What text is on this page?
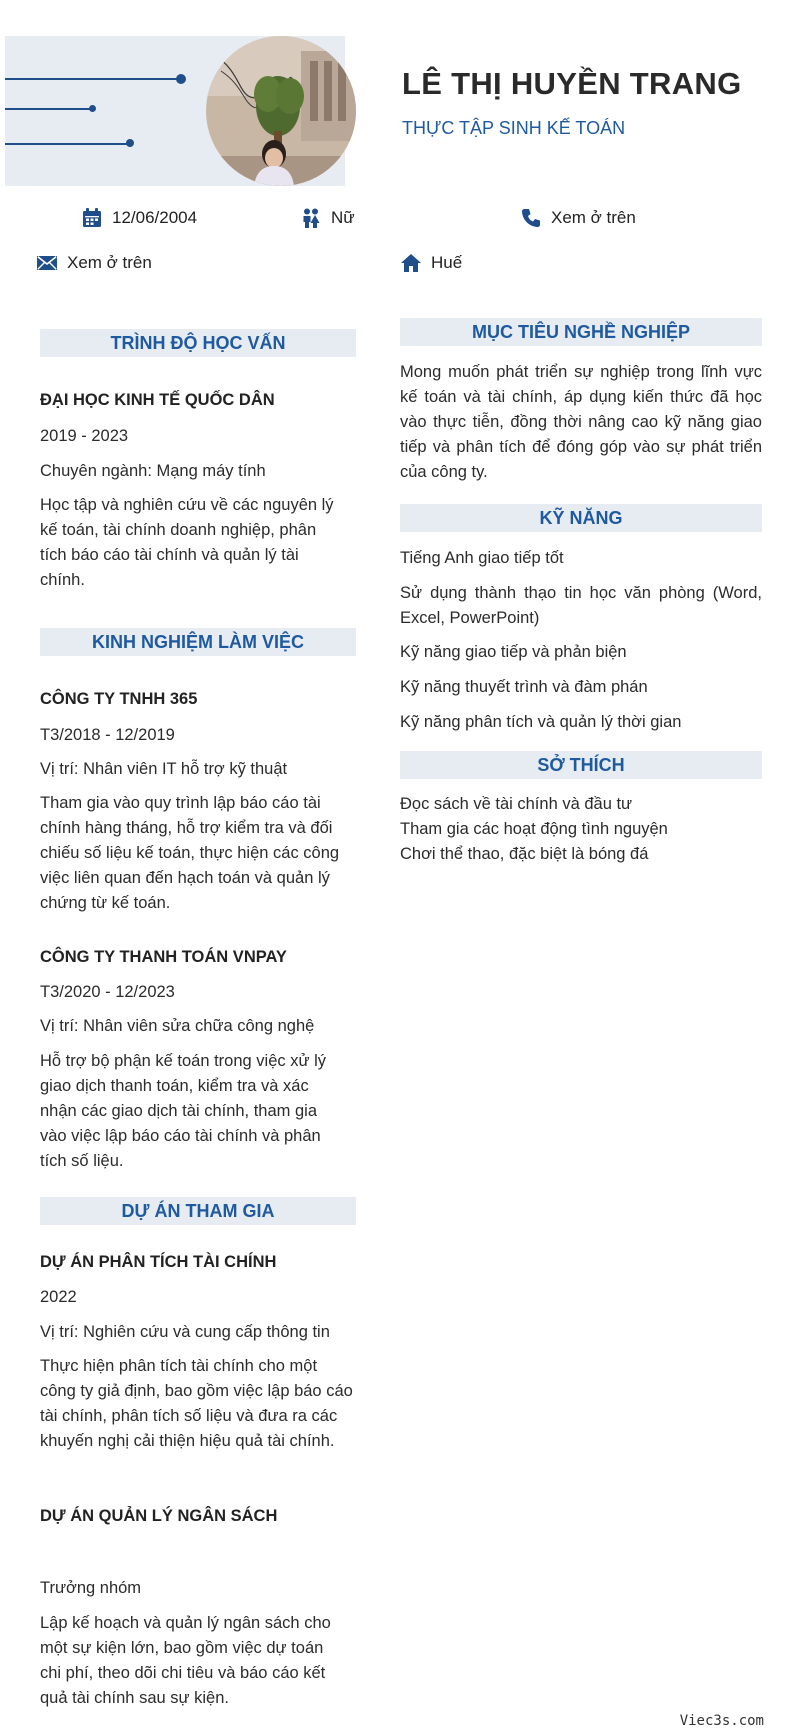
LÊ THỊ HUYỀN TRANG
THỰC TẬP SINH KẾ TOÁN
12/06/2004	Nữ	Xem ở trên
Xem ở trên	Huế
TRÌNH ĐỘ HỌC VẤN
ĐẠI HỌC KINH TẾ QUỐC DÂN
2019 - 2023
Chuyên ngành: Mạng máy tính
Học tập và nghiên cứu về các nguyên lý kế toán, tài chính doanh nghiệp, phân tích báo cáo tài chính và quản lý tài chính.
KINH NGHIỆM LÀM VIỆC
CÔNG TY TNHH 365
T3/2018 - 12/2019
Vị trí: Nhân viên IT hỗ trợ kỹ thuật
Tham gia vào quy trình lập báo cáo tài chính hàng tháng, hỗ trợ kiểm tra và đối chiếu số liệu kế toán, thực hiện các công việc liên quan đến hạch toán và quản lý chứng từ kế toán.
CÔNG TY THANH TOÁN VNPAY
T3/2020 - 12/2023
Vị trí: Nhân viên sửa chữa công nghệ
Hỗ trợ bộ phận kế toán trong việc xử lý giao dịch thanh toán, kiểm tra và xác nhận các giao dịch tài chính, tham gia vào việc lập báo cáo tài chính và phân tích số liệu.
DỰ ÁN THAM GIA
DỰ ÁN PHÂN TÍCH TÀI CHÍNH
2022
Vị trí: Nghiên cứu và cung cấp thông tin
Thực hiện phân tích tài chính cho một công ty giả định, bao gồm việc lập báo cáo tài chính, phân tích số liệu và đưa ra các khuyến nghị cải thiện hiệu quả tài chính.
DỰ ÁN QUẢN LÝ NGÂN SÁCH
Trưởng nhóm
Lập kế hoạch và quản lý ngân sách cho một sự kiện lớn, bao gồm việc dự toán chi phí, theo dõi chi tiêu và báo cáo kết quả tài chính sau sự kiện.
MỤC TIÊU NGHỀ NGHIỆP
Mong muốn phát triển sự nghiệp trong lĩnh vực kế toán và tài chính, áp dụng kiến thức đã học vào thực tiễn, đồng thời nâng cao kỹ năng giao tiếp và phân tích để đóng góp vào sự phát triển của công ty.
KỸ NĂNG
Tiếng Anh giao tiếp tốt
Sử dụng thành thạo tin học văn phòng (Word, Excel, PowerPoint)
Kỹ năng giao tiếp và phản biện
Kỹ năng thuyết trình và đàm phán
Kỹ năng phân tích và quản lý thời gian
SỞ THÍCH
Đọc sách về tài chính và đầu tư
Tham gia các hoạt động tình nguyện
Chơi thể thao, đặc biệt là bóng đá
Viec3s.com
